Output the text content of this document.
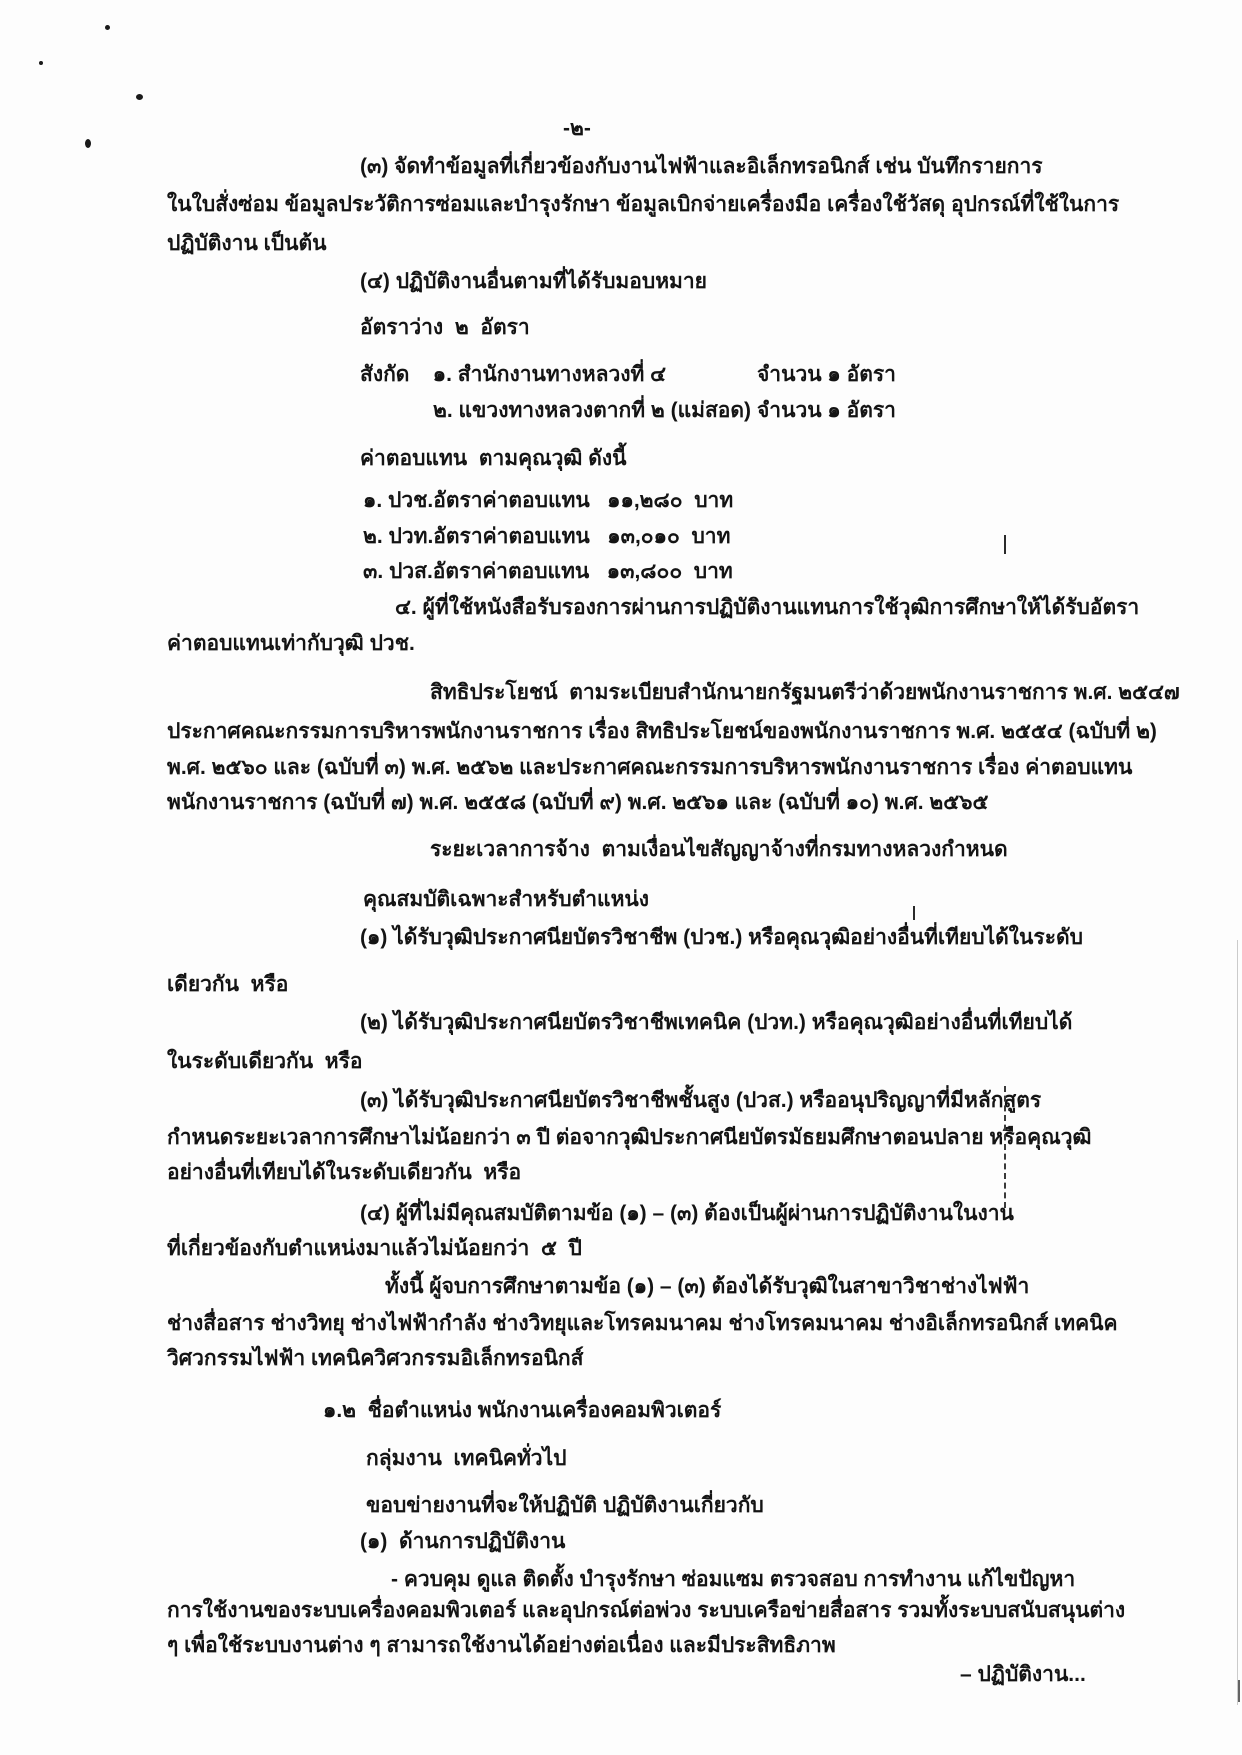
-๒-
(๓) จัดทำข้อมูลที่เกี่ยวข้องกับงานไฟฟ้าและอิเล็กทรอนิกส์ เช่น บันทึกรายการ
ในใบสั่งซ่อม ข้อมูลประวัติการซ่อมและบำรุงรักษา ข้อมูลเบิกจ่ายเครื่องมือ เครื่องใช้วัสดุ อุปกรณ์ที่ใช้ในการ
ปฏิบัติงาน เป็นต้น
(๔) ปฏิบัติงานอื่นตามที่ได้รับมอบหมาย
อัตราว่าง  ๒  อัตรา
สังกัด    ๑. สำนักงานทางหลวงที่ ๔	จำนวน ๑ อัตรา
๒. แขวงทางหลวงตากที่ ๒ (แม่สอด) จำนวน ๑ อัตรา
ค่าตอบแทน  ตามคุณวุฒิ ดังนี้
๑. ปวช.อัตราค่าตอบแทน   ๑๑,๒๘๐  บาท
๒. ปวท.อัตราค่าตอบแทน   ๑๓,๐๑๐  บาท
๓. ปวส.อัตราค่าตอบแทน   ๑๓,๘๐๐  บาท
๔. ผู้ที่ใช้หนังสือรับรองการผ่านการปฏิบัติงานแทนการใช้วุฒิการศึกษาให้ได้รับอัตรา
ค่าตอบแทนเท่ากับวุฒิ ปวช.
สิทธิประโยชน์  ตามระเบียบสำนักนายกรัฐมนตรีว่าด้วยพนักงานราชการ พ.ศ. ๒๕๔๗
ประกาศคณะกรรมการบริหารพนักงานราชการ เรื่อง สิทธิประโยชน์ของพนักงานราชการ พ.ศ. ๒๕๕๔ (ฉบับที่ ๒)
พ.ศ. ๒๕๖๐ และ (ฉบับที่ ๓) พ.ศ. ๒๕๖๒ และประกาศคณะกรรมการบริหารพนักงานราชการ เรื่อง ค่าตอบแทน
พนักงานราชการ (ฉบับที่ ๗) พ.ศ. ๒๕๕๘ (ฉบับที่ ๙) พ.ศ. ๒๕๖๑ และ (ฉบับที่ ๑๐) พ.ศ. ๒๕๖๕
ระยะเวลาการจ้าง  ตามเงื่อนไขสัญญาจ้างที่กรมทางหลวงกำหนด
คุณสมบัติเฉพาะสำหรับตำแหน่ง
(๑) ได้รับวุฒิประกาศนียบัตรวิชาชีพ (ปวช.) หรือคุณวุฒิอย่างอื่นที่เทียบได้ในระดับ
เดียวกัน  หรือ
(๒) ได้รับวุฒิประกาศนียบัตรวิชาชีพเทคนิค (ปวท.) หรือคุณวุฒิอย่างอื่นที่เทียบได้
ในระดับเดียวกัน  หรือ
(๓) ได้รับวุฒิประกาศนียบัตรวิชาชีพชั้นสูง (ปวส.) หรืออนุปริญญาที่มีหลักสูตร
กำหนดระยะเวลาการศึกษาไม่น้อยกว่า ๓ ปี ต่อจากวุฒิประกาศนียบัตรมัธยมศึกษาตอนปลาย หรือคุณวุฒิ
อย่างอื่นที่เทียบได้ในระดับเดียวกัน  หรือ
(๔) ผู้ที่ไม่มีคุณสมบัติตามข้อ (๑) – (๓) ต้องเป็นผู้ผ่านการปฏิบัติงานในงาน
ที่เกี่ยวข้องกับตำแหน่งมาแล้วไม่น้อยกว่า  ๕  ปี
ทั้งนี้ ผู้จบการศึกษาตามข้อ (๑) – (๓) ต้องได้รับวุฒิในสาขาวิชาช่างไฟฟ้า
ช่างสื่อสาร ช่างวิทยุ ช่างไฟฟ้ากำลัง ช่างวิทยุและโทรคมนาคม ช่างโทรคมนาคม ช่างอิเล็กทรอนิกส์ เทคนิค
วิศวกรรมไฟฟ้า เทคนิควิศวกรรมอิเล็กทรอนิกส์
๑.๒  ชื่อตำแหน่ง พนักงานเครื่องคอมพิวเตอร์
กลุ่มงาน  เทคนิคทั่วไป
ขอบข่ายงานที่จะให้ปฏิบัติ ปฏิบัติงานเกี่ยวกับ
(๑)  ด้านการปฏิบัติงาน
- ควบคุม ดูแล ติดตั้ง บำรุงรักษา ซ่อมแซม ตรวจสอบ การทำงาน แก้ไขปัญหา
การใช้งานของระบบเครื่องคอมพิวเตอร์ และอุปกรณ์ต่อพ่วง ระบบเครือข่ายสื่อสาร รวมทั้งระบบสนับสนุนต่าง
ๆ เพื่อใช้ระบบงานต่าง ๆ สามารถใช้งานได้อย่างต่อเนื่อง และมีประสิทธิภาพ
– ปฏิบัติงาน...
